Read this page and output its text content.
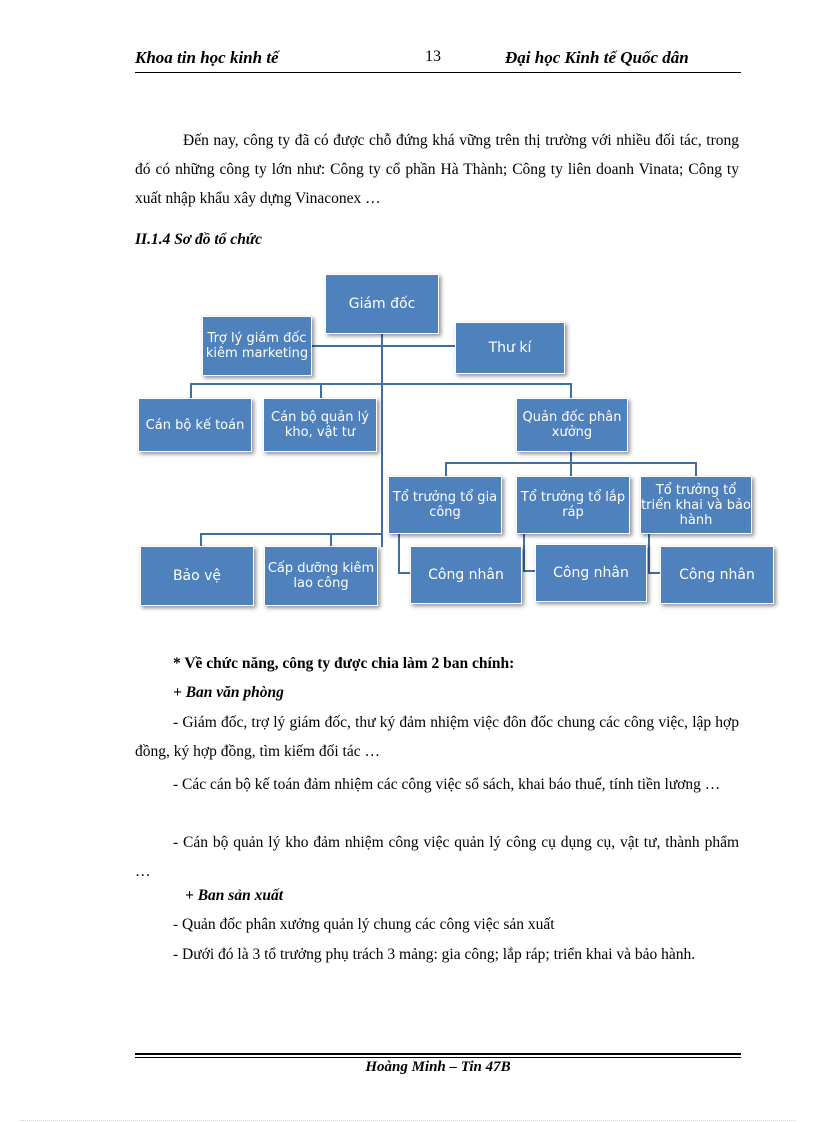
Khoa tin học kinh tế	13	Đại học Kinh tế Quốc dân
Đến nay, công ty đã có được chỗ đứng khá vững trên thị trường với nhiều đối tác, trong đó có những công ty lớn như: Công ty cổ phần Hà Thành; Công ty liên doanh Vinata; Công ty xuất nhập khẩu xây dựng Vinaconex …
II.1.4 Sơ đồ tổ chức
Giám đốc
Trợ lý giám đốc kiêm marketing	Thư kí
Cán bộ kế toán	Cán bộ quản lý kho, vật tư
Quản đốc phân xưởng
Tổ trưởng tổ gia công
Tổ trưởng tổ lắp ráp
Tổ trưởng tổ triển khai và bảo hành
Bảo vệ	Cấp dưỡng kiêm lao công
Công nhân	Công nhân	Công nhân
* Về chức năng, công ty được chia làm 2 ban chính:
+ Ban văn phòng
- Giám đốc, trợ lý giám đốc, thư ký đảm nhiệm việc đôn đốc chung các công việc, lập hợp đồng, ký hợp đồng, tìm kiếm đối tác …
- Các cán bộ kế toán đảm nhiệm các công việc sổ sách, khai báo thuế, tính tiền lương …
- Cán bộ quản lý kho đảm nhiệm công việc quản lý công cụ dụng cụ, vật tư, thành phẩm …
+ Ban sản xuất
- Quản đốc phân xưởng quản lý chung các công việc sản xuất
- Dưới đó là 3 tổ trưởng phụ trách 3 mảng: gia công; lắp ráp; triển khai và bảo hành.
Hoàng Minh – Tin 47B
